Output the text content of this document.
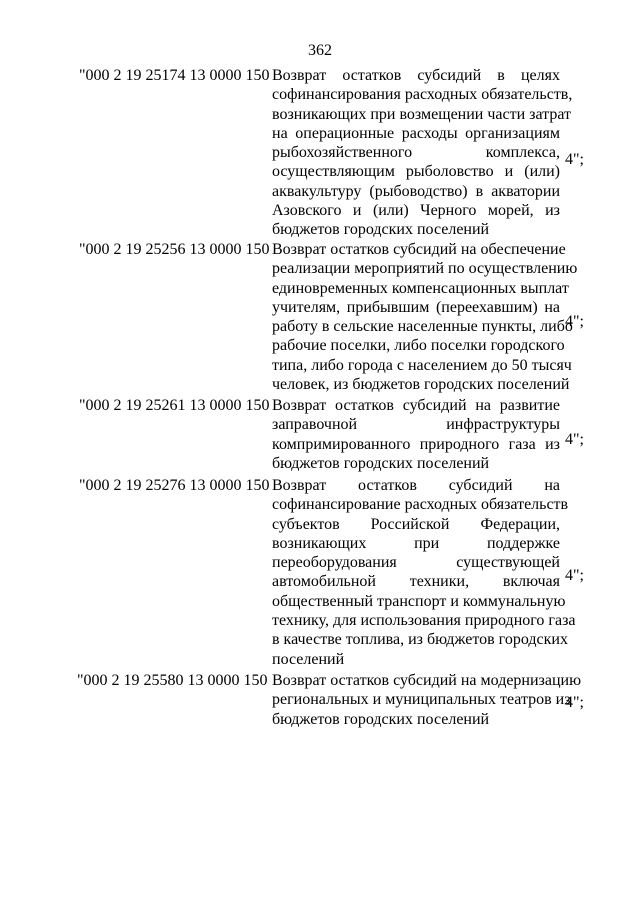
362
"000 2 19 25174 13 0000 150 Возврат остатков субсидий в целях
софинансирования расходных обязательств,
возникающих при возмещении части затрат
на операционные расходы организациям
рыбохозяйственного комплекса,
осуществляющим рыболовство и (или)
аквакультуру (рыбоводство) в акватории
Азовского и (или) Черного морей, из
бюджетов городских поселений
4";
"000 2 19 25256 13 0000 150 Возврат остатков субсидий на обеспечение
реализации мероприятий по осуществлению
единовременных компенсационных выплат
учителям, прибывшим (переехавшим) на
работу в сельские населенные пункты, либо
рабочие поселки, либо поселки городского
типа, либо города с населением до 50 тысяч
человек, из бюджетов городских поселений
4";
"000 2 19 25261 13 0000 150 Возврат остатков субсидий на развитие
заправочной инфраструктуры
компримированного природного газа из
бюджетов городских поселений
4";
"000 2 19 25276 13 0000 150 Возврат остатков субсидий на
софинансирование расходных обязательств
субъектов Российской Федерации,
возникающих при поддержке
переоборудования существующей
автомобильной техники, включая
общественный транспорт и коммунальную
технику, для использования природного газа
в качестве топлива, из бюджетов городских
поселений
4";
"000 2 19 25580 13 0000 150 Возврат остатков субсидий на модернизацию
региональных и муниципальных театров из
бюджетов городских поселений
4";
